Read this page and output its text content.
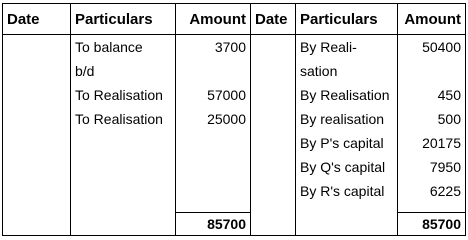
Date	Particulars	Amount	Date	Particulars	Amount
	To balance	3700		By Reali-	50400
	b/d			sation	
	To Realisation	57000		By Realisation	450
	To Realisation	25000		By realisation	500
				By P's capital	20175
				By Q's capital	7950
				By R's capital	6225

		85700			85700
